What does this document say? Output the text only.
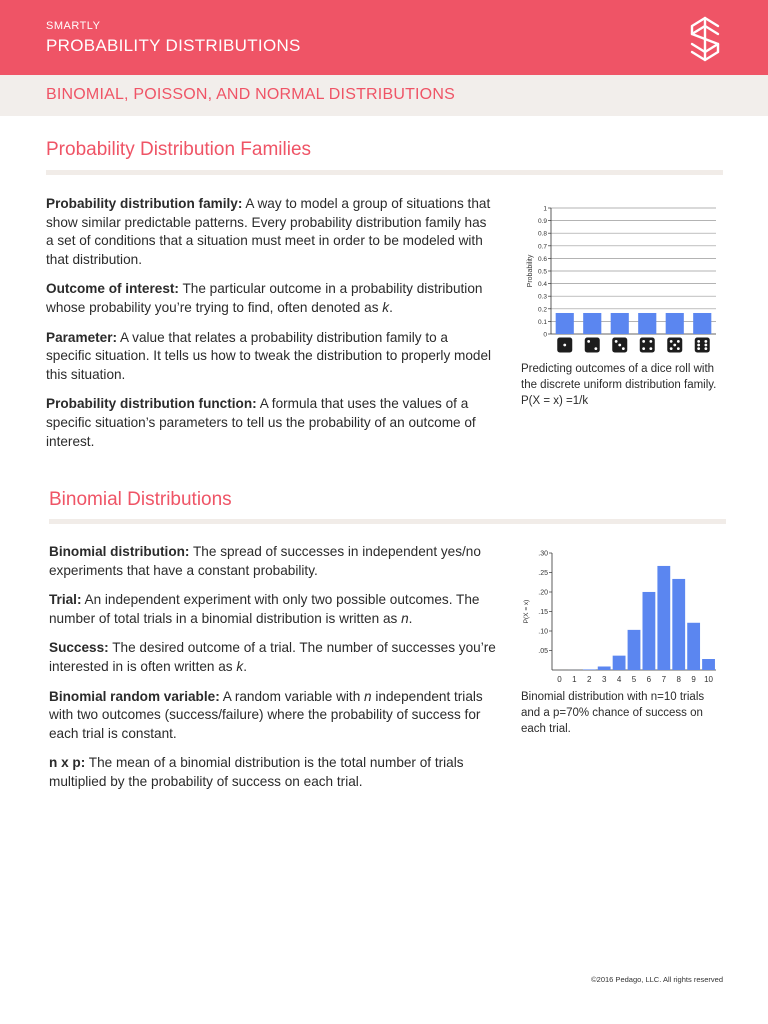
SMARTLY
PROBABILITY DISTRIBUTIONS
BINOMIAL, POISSON, AND NORMAL DISTRIBUTIONS
Probability Distribution Families

Probability distribution family: A way to model a group of situations that show similar predictable patterns. Every probability distribution family has a set of conditions that a situation must meet in order to be modeled with that distribution.

Outcome of interest: The particular outcome in a probability distribution whose probability you’re trying to find, often denoted as k.

Parameter: A value that relates a probability distribution family to a specific situation. It tells us how to tweak the distribution to properly model this situation.

Probability distribution function: A formula that uses the values of a specific situation’s parameters to tell us the probability of an outcome of interest.

0
0.1
0.2
0.3
0.4
0.5
0.6
0.7
0.8
0.9
1
Probability
Predicting outcomes of a dice roll with the discrete uniform distribution family. P(X = x) =1/k
Binomial Distributions

Binomial distribution: The spread of successes in independent yes/no experiments that have a constant probability.

Trial: An independent experiment with only two possible outcomes. The number of total trials in a binomial distribution is written as n.

Success: The desired outcome of a trial. The number of successes you’re interested in is often written as k.

Binomial random variable: A random variable with n independent trials with two outcomes (success/failure) where the probability of success for each trial is constant.

n x p: The mean of a binomial distribution is the total number of trials multiplied by the probability of success on each trial.

.05
.10
.15
.20
.25
.30
P(X = x)
0 1 2 3 4 5 6 7 8 9 10
Binomial distribution with n=10 trials and a p=70% chance of success on each trial.
©2016 Pedago, LLC. All rights reserved
